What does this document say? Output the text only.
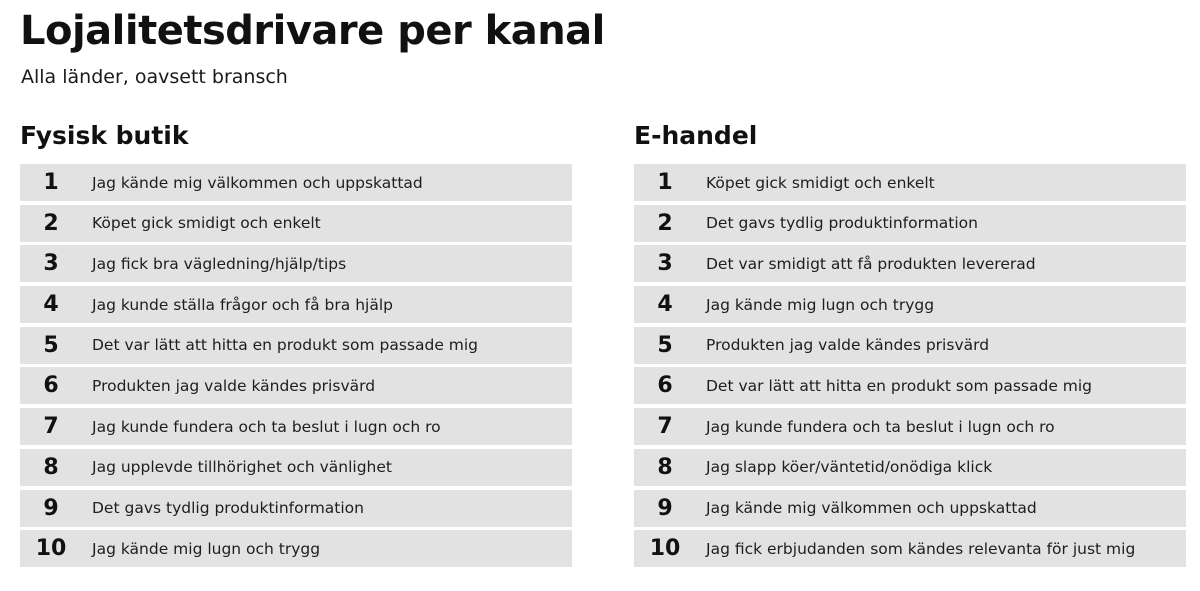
Lojalitetsdrivare per kanal
Alla länder, oavsett bransch
Fysisk butik
1	Jag kände mig välkommen och uppskattad
2	Köpet gick smidigt och enkelt
3	Jag fick bra vägledning/hjälp/tips
4	Jag kunde ställa frågor och få bra hjälp
5	Det var lätt att hitta en produkt som passade mig
6	Produkten jag valde kändes prisvärd
7	Jag kunde fundera och ta beslut i lugn och ro
8	Jag upplevde tillhörighet och vänlighet
9	Det gavs tydlig produktinformation
10	Jag kände mig lugn och trygg
E-handel
1	Köpet gick smidigt och enkelt
2	Det gavs tydlig produktinformation
3	Det var smidigt att få produkten levererad
4	Jag kände mig lugn och trygg
5	Produkten jag valde kändes prisvärd
6	Det var lätt att hitta en produkt som passade mig
7	Jag kunde fundera och ta beslut i lugn och ro
8	Jag slapp köer/väntetid/onödiga klick
9	Jag kände mig välkommen och uppskattad
10	Jag fick erbjudanden som kändes relevanta för just mig
